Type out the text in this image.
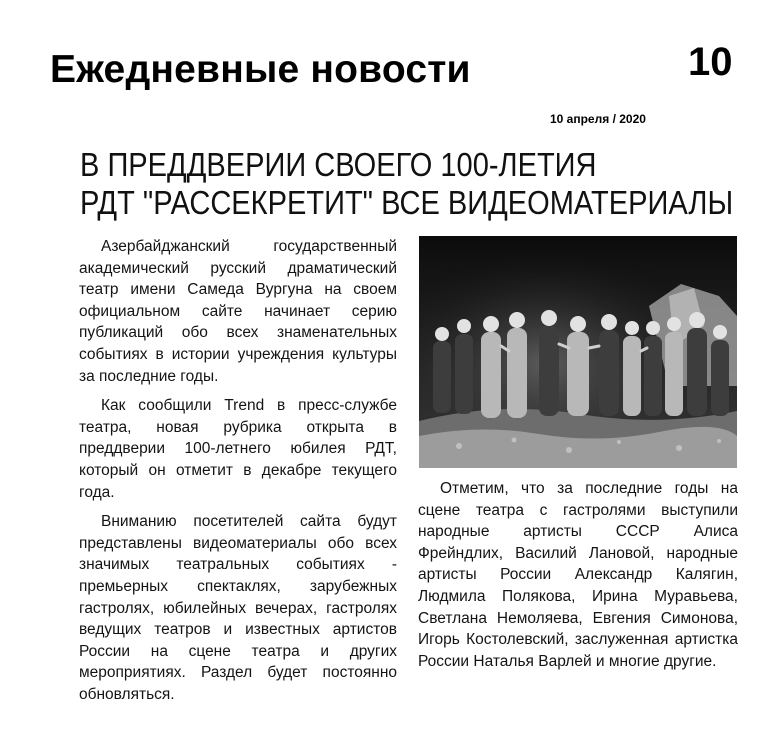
Ежедневные новости	10
10 апреля / 2020
В ПРЕДДВЕРИИ СВОЕГО 100-ЛЕТИЯ
РДТ "РАССЕКРЕТИТ" ВСЕ ВИДЕОМАТЕРИАЛЫ

Азербайджанский государственный академический русский драматический театр имени Самеда Вургуна на своем официальном сайте начинает серию публикаций обо всех знаменательных событиях в истории учреждения культуры за последние годы.

Как сообщили Trend в пресс-службе театра, новая рубрика открыта в преддверии 100-летнего юбилея РДТ, который он отметит в декабре текущего года.

Вниманию посетителей сайта будут представлены видеоматериалы обо всех значимых театральных событиях - премьерных спектаклях, зарубежных гастролях, юбилейных вечерах, гастролях ведущих театров и известных артистов России на сцене театра и других мероприятиях. Раздел будет постоянно обновляться.

Отметим, что за последние годы на сцене театра с гастролями выступили народные артисты СССР Алиса Фрейндлих, Василий Лановой, народные артисты России Александр Калягин, Людмила Полякова, Ирина Муравьева, Светлана Немоляева, Евгения Симонова, Игорь Костолевский, заслуженная артистка России Наталья Варлей и многие другие.
